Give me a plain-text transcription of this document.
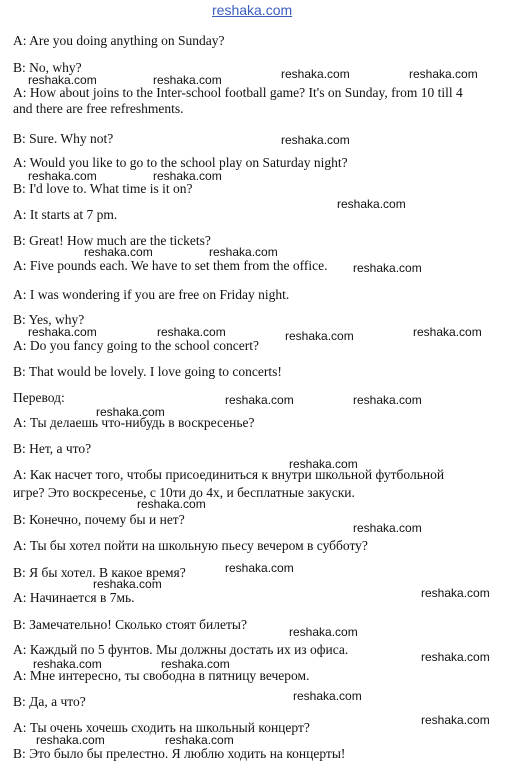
reshaka.com
A: Are you doing anything on Sunday?
B: No, why?
A: How about joins to the Inter-school football game? It's on Sunday, from 10 till 4
and there are free refreshments.
B: Sure. Why not?
A: Would you like to go to the school play on Saturday night?
B: I'd love to. What time is it on?
A: It starts at 7 pm.
B: Great! How much are the tickets?
A: Five pounds each. We have to set them from the office.
A: I was wondering if you are free on Friday night.
B: Yes, why?
A: Do you fancy going to the school concert?
B: That would be lovely. I love going to concerts!
Перевод:
A: Ты делаешь что-нибудь в воскресенье?
B: Нет, а что?
A: Как насчет того, чтобы присоединиться к внутри школьной футбольной
игре? Это воскресенье, с 10ти до 4х, и бесплатные закуски.
B: Конечно, почему бы и нет?
A: Ты бы хотел пойти на школьную пьесу вечером в субботу?
B: Я бы хотел. В какое время?
A: Начинается в 7мь.
B: Замечательно! Сколько стоят билеты?
A: Каждый по 5 фунтов. Мы должны достать их из офиса.
A: Мне интересно, ты свободна в пятницу вечером.
B: Да, а что?
A: Ты очень хочешь сходить на школьный концерт?
B: Это было бы прелестно. Я люблю ходить на концерты!
reshaka.com	reshaka.com	reshaka.com	reshaka.com
reshaka.com
reshaka.com	reshaka.com
reshaka.com
reshaka.com	reshaka.com
reshaka.com
reshaka.com	reshaka.com	reshaka.com	reshaka.com
reshaka.com	reshaka.com
reshaka.com
reshaka.com
reshaka.com
reshaka.com
reshaka.com
reshaka.com
reshaka.com
reshaka.com
reshaka.com	reshaka.com	reshaka.com
reshaka.com
reshaka.com
reshaka.com	reshaka.com
